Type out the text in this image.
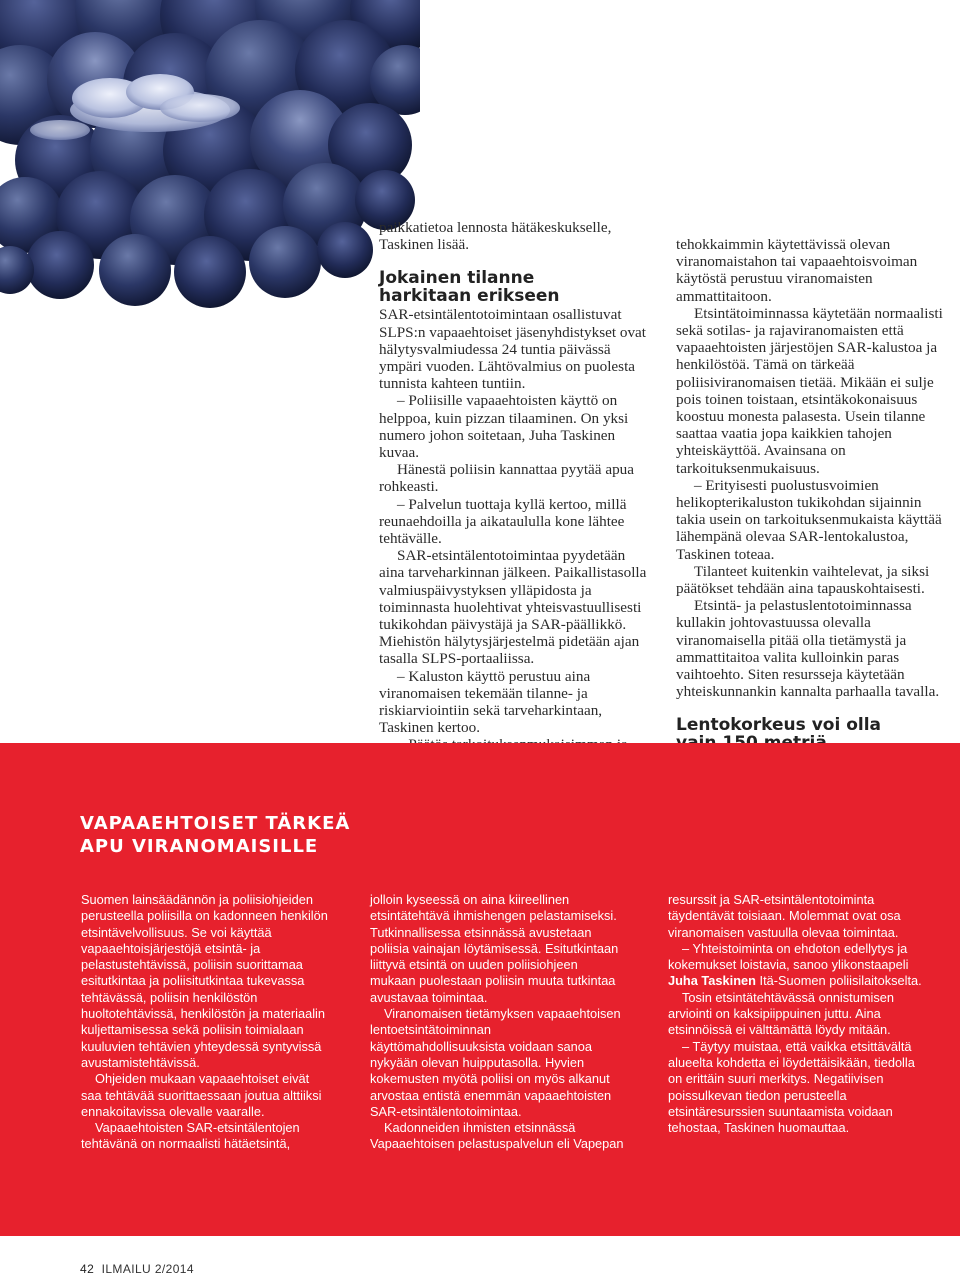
paikkatietoa lennosta hätäkeskukselle, Taskinen lisää.

Jokainen tilanne
harkitaan erikseen

SAR-etsintälentotoimintaan osallistuvat SLPS:n vapaaehtoiset jäsenyhdistykset ovat hälytysvalmiudessa 24 tuntia päivässä ympäri vuoden. Lähtövalmius on puolesta tunnista kahteen tuntiin.

– Poliisille vapaaehtoisten käyttö on helppoa, kuin pizzan tilaaminen. On yksi numero johon soitetaan, Juha Taskinen kuvaa.

Hänestä poliisin kannattaa pyytää apua rohkeasti.

– Palvelun tuottaja kyllä kertoo, millä reunaehdoilla ja aikataululla kone lähtee tehtävälle.

SAR-etsintälentotoimintaa pyydetään aina tarveharkinnan jälkeen. Paikallistasolla valmiuspäivystyksen ylläpidosta ja toiminnasta huolehtivat yhteisvastuullisesti tukikohdan päivystäjä ja SAR-päällikkö. Miehistön hälytysjärjestelmä pidetään ajan tasalla SLPS-portaaliissa.

– Kaluston käyttö perustuu aina viranomaisen tekemään tilanne- ja riskiarviointiin sekä tarveharkintaan, Taskinen kertoo.

tehokkaimmin käytettävissä olevan viranomaistahon tai vapaaehtoisvoiman käytöstä perustuu viranomaisten ammattitaitoon.

Etsintätoiminnassa käytetään normaalisti sekä sotilas- ja rajaviranomaisten että vapaaehtoisten järjestöjen SAR-kalustoa ja henkilöstöä. Tämä on tärkeää poliisiviranomaisen tietää. Mikään ei sulje pois toinen toistaan, etsintäkokonaisuus koostuu monesta palasesta. Usein tilanne saattaa vaatia jopa kaikkien tahojen yhteiskäyttöä. Avainsana on tarkoituksenmukaisuus.

– Erityisesti puolustusvoimien helikopterikaluston tukikohdan sijainnin takia usein on tarkoituksenmukaista käyttää lähempänä olevaa SAR-lentokalustoa, Taskinen toteaa.

Tilanteet kuitenkin vaihtelevat, ja siksi päätökset tehdään aina tapauskohtaisesti.

Etsintä- ja pelastuslentotoiminnassa kullakin johtovastuussa olevalla viranomaisella pitää olla tietämystä ja ammattitaitoa valita kulloinkin paras vaihtoehto. Siten resursseja käytetään yhteiskunnankin kannalta parhaalla tavalla.

Lentokorkeus voi olla

VAPAAEHTOISET TÄRKEÄ
APU VIRANOMAISILLE

Suomen lainsäädännön ja poliisiohjeiden perusteella poliisilla on kadonneen henkilön etsintävelvollisuus. Se voi käyttää vapaaehtoisjärjestöjä etsintä- ja pelastustehtävissä, poliisin suorittamaa esitutkintaa ja poliisitutkintaa tukevassa tehtävässä, poliisin henkilöstön huoltotehtävissä, henkilöstön ja materiaalin kuljettamisessa sekä poliisin toimialaan kuuluvien tehtävien yhteydessä syntyvissä avustamistehtävissä.

Ohjeiden mukaan vapaaehtoiset eivät saa tehtävää suorittaessaan joutua alttiiksi ennakoitavissa olevalle vaaralle.

Vapaaehtoisten SAR-etsintälentojen tehtävänä on normaalisti hätäetsintä,

jolloin kyseessä on aina kiireellinen etsintätehtävä ihmishengen pelastamiseksi. Tutkinnallisessa etsinnässä avustetaan poliisia vainajan löytämisessä. Esitutkintaan liittyvä etsintä on uuden poliisiohjeen mukaan puolestaan poliisin muuta tutkintaa avustavaa toimintaa.

Viranomaisen tietämyksen vapaaehtoisen lentoetsintätoiminnan käyttömahdollisuuksista voidaan sanoa nykyään olevan huipputasolla. Hyvien kokemusten myötä poliisi on myös alkanut arvostaa entistä enemmän vapaaehtoisten SAR-etsintälentotoimintaa.

Kadonneiden ihmisten etsinnässä Vapaaehtoisen pelastuspalvelun eli Vapepan

resurssit ja SAR-etsintälentotoiminta täydentävät toisiaan. Molemmat ovat osa viranomaisen vastuulla olevaa toimintaa.

– Yhteistoiminta on ehdoton edellytys ja kokemukset loistavia, sanoo ylikonstaapeli Juha Taskinen Itä-Suomen poliisilaitokselta.

Tosin etsintätehtävässä onnistumisen arviointi on kaksipiippuinen juttu. Aina etsinnöissä ei välttämättä löydy mitään.

– Täytyy muistaa, että vaikka etsittävältä alueelta kohdetta ei löydettäisikään, tiedolla on erittäin suuri merkitys. Negatiivisen poissulkevan tiedon perusteella etsintäresurssien suuntaamista voidaan tehostaa, Taskinen huomauttaa.

42 ILMAILU 2/2014
